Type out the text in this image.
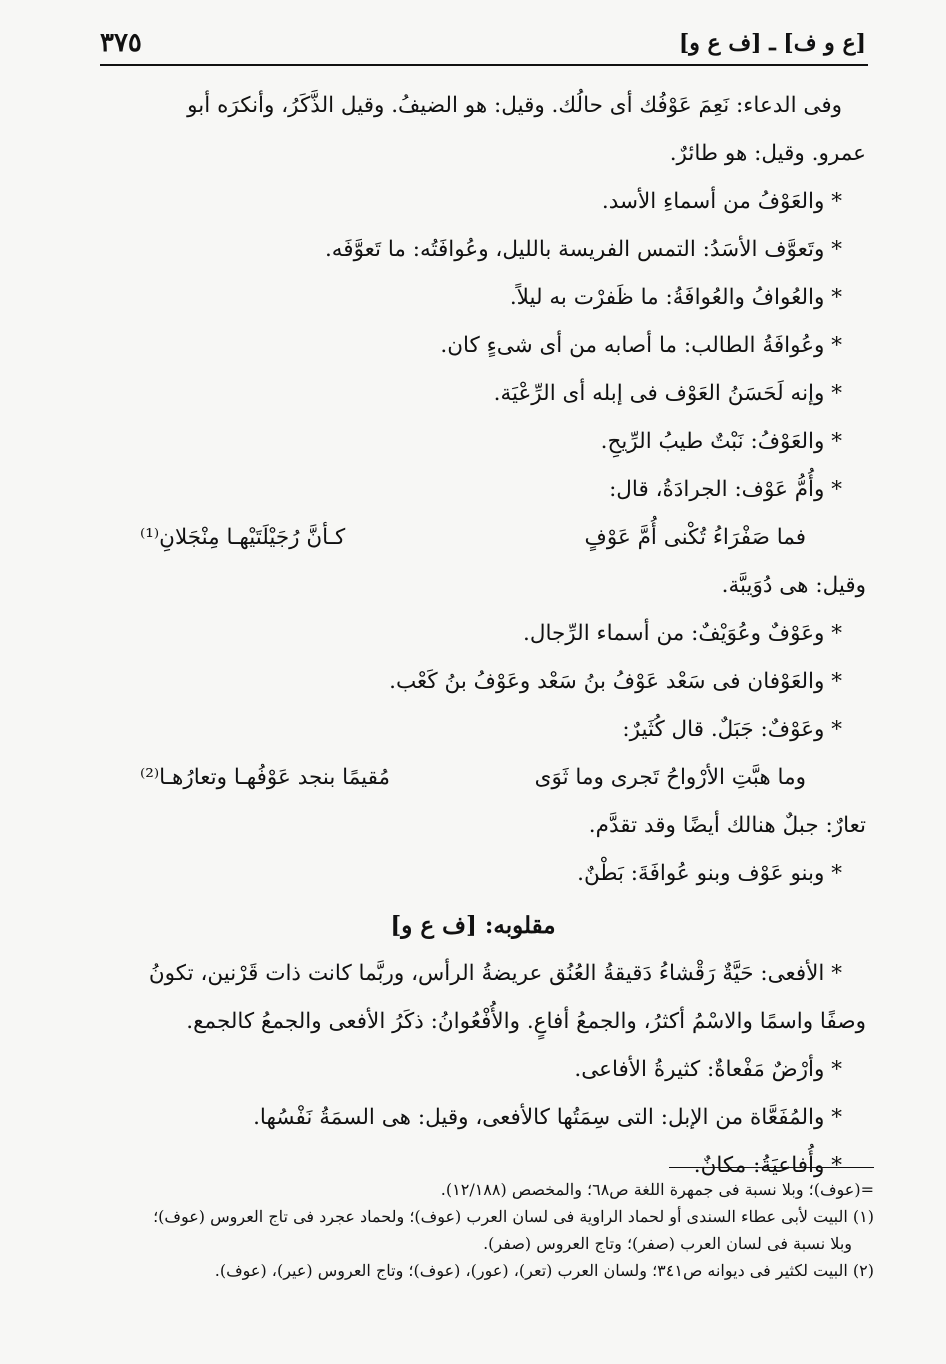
٣٧٥	[ع و ف] ـ [ف ع و]
وفى الدعاء: نَعِمَ عَوْفُك أى حالُك. وقيل: هو الضيفُ. وقيل الذَّكَرُ، وأنكرَه أبو
عمرو. وقيل: هو طائرٌ.
* والعَوْفُ من أسماءِ الأسد.
* وتَعوَّف الأسَدُ: التمس الفريسة بالليل، وعُوافَتُه: ما تَعوَّفَه.
* والعُوافُ والعُوافَةُ: ما ظَفرْت به ليلاً.
* وعُوافَةُ الطالب: ما أصابه من أى شىءٍ كان.
* وإنه لَحَسَنُ العَوْف فى إبله أى الرِّعْيَة.
* والعَوْفُ: نَبْتٌ طيبُ الرِّيحِ.
* وأُمُّ عَوْف: الجرادَةُ، قال:
فما صَفْرَاءُ تُكْنى أُمَّ عَوْفٍ
كـأنَّ رُجَيْلَتَيْهـا مِنْجَلانِ⁽¹⁾
وقيل: هى دُوَيبَّة.
* وعَوْفٌ وعُوَيْفٌ: من أسماء الرِّجال.
* والعَوْفان فى سَعْد عَوْفُ بنُ سَعْد وعَوْفُ بنُ كَعْب.
* وعَوْفٌ: جَبَلٌ. قال كُثَيرٌ:
وما هبَّتِ الأرْواحُ تَجرى وما ثَوَى
مُقيمًا بنجد عَوْفُهـا وتعارُهـا⁽²⁾
تعارٌ: جبلٌ هنالك أيضًا وقد تقدَّم.
* وبنو عَوْف وبنو عُوافَةَ: بَطْنٌ.
مقلوبه: [ف ع و]
* الأفعى: حَيَّةٌ رَقْشاءُ دَقيقةُ العُنُق عريضةُ الرأس، وربَّما كانت ذات قَرْنين، تكونُ
وصفًا واسمًا والاسْمُ أكثرُ، والجمعُ أفاعٍ. والأُفْعُوانُ: ذكَرُ الأفعى والجمعُ كالجمع.
* وأرْضٌ مَفْعاةٌ: كثيرةُ الأفاعى.
* والمُفَعَّاة من الإبل: التى سِمَتُها كالأفعى، وقيل: هى السمَةُ نَفْسُها.
* وأُفاعيَةُ: مكانٌ.
=(عوف)؛ وبلا نسبة فى جمهرة اللغة ص٦٨؛ والمخصص (١٢/١٨٨).
(١) البيت لأبى عطاء السندى أو لحماد الراوية فى لسان العرب (عوف)؛ ولحماد عجرد فى تاج العروس (عوف)؛
وبلا نسبة فى لسان العرب (صفر)؛ وتاج العروس (صفر).
(٢) البيت لكثير فى ديوانه ص٣٤١؛ ولسان العرب (تعر)، (عور)، (عوف)؛ وتاج العروس (عير)، (عوف).
